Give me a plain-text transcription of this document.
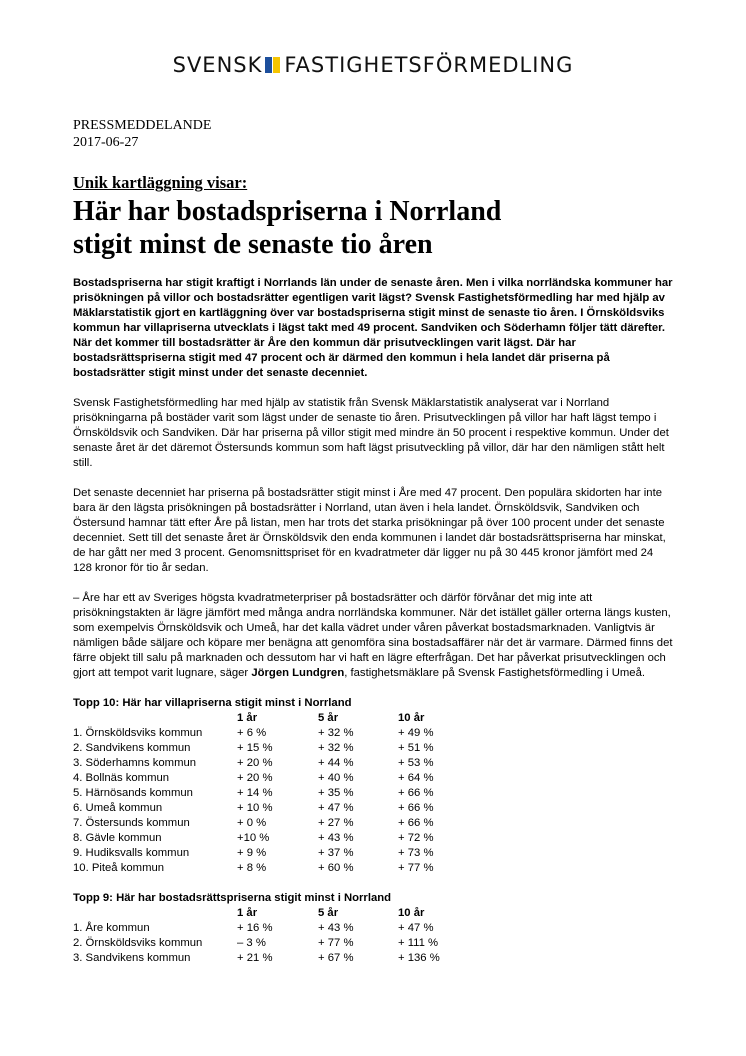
SVENSK FASTIGHETSFÖRMEDLING
PRESSMEDDELANDE
2017-06-27
Unik kartläggning visar:
Här har bostadspriserna i Norrland
stigit minst de senaste tio åren

Bostadspriserna har stigit kraftigt i Norrlands län under de senaste åren. Men i vilka norrländska kommuner har prisökningen på villor och bostadsrätter egentligen varit lägst? Svensk Fastighetsförmedling har med hjälp av Mäklarstatistik gjort en kartläggning över var bostadspriserna stigit minst de senaste tio åren. I Örnsköldsviks kommun har villapriserna utvecklats i lägst takt med 49 procent. Sandviken och Söderhamn följer tätt därefter. När det kommer till bostadsrätter är Åre den kommun där prisutvecklingen varit lägst. Där har bostadsrättspriserna stigit med 47 procent och är därmed den kommun i hela landet där priserna på bostadsrätter stigit minst under det senaste decenniet.

Svensk Fastighetsförmedling har med hjälp av statistik från Svensk Mäklarstatistik analyserat var i Norrland prisökningarna på bostäder varit som lägst under de senaste tio åren. Prisutvecklingen på villor har haft lägst tempo i Örnsköldsvik och Sandviken. Där har priserna på villor stigit med mindre än 50 procent i respektive kommun. Under det senaste året är det däremot Östersunds kommun som haft lägst prisutveckling på villor, där har den nämligen stått helt still.

Det senaste decenniet har priserna på bostadsrätter stigit minst i Åre med 47 procent. Den populära skidorten har inte bara är den lägsta prisökningen på bostadsrätter i Norrland, utan även i hela landet. Örnsköldsvik, Sandviken och Östersund hamnar tätt efter Åre på listan, men har trots det starka prisökningar på över 100 procent under det senaste decenniet. Sett till det senaste året är Örnsköldsvik den enda kommunen i landet där bostadsrättspriserna har minskat, de har gått ner med 3 procent. Genomsnittspriset för en kvadratmeter där ligger nu på 30 445 kronor jämfört med 24 128 kronor för tio år sedan.

– Åre har ett av Sveriges högsta kvadratmeterpriser på bostadsrätter och därför förvånar det mig inte att prisökningstakten är lägre jämfört med många andra norrländska kommuner. När det istället gäller orterna längs kusten, som exempelvis Örnsköldsvik och Umeå, har det kalla vädret under våren påverkat bostadsmarknaden. Vanligtvis är nämligen både säljare och köpare mer benägna att genomföra sina bostadsaffärer när det är varmare. Därmed finns det färre objekt till salu på marknaden och dessutom har vi haft en lägre efterfrågan. Det har påverkat prisutvecklingen och gjort att tempot varit lugnare, säger Jörgen Lundgren, fastighetsmäklare på Svensk Fastighetsförmedling i Umeå.

Topp 10: Här har villapriserna stigit minst i Norrland
	1 år	5 år	10 år
1. Örnsköldsviks kommun	+ 6 %	+ 32 %	+ 49 %
2. Sandvikens kommun	+ 15 %	+ 32 %	+ 51 %
3. Söderhamns kommun	+ 20 %	+ 44 %	+ 53 %
4. Bollnäs kommun	+ 20 %	+ 40 %	+ 64 %
5. Härnösands kommun	+ 14 %	+ 35 %	+ 66 %
6. Umeå kommun	+ 10 %	+ 47 %	+ 66 %
7. Östersunds kommun	+ 0 %	+ 27 %	+ 66 %
8. Gävle kommun	+10 %	+ 43 %	+ 72 %
9. Hudiksvalls kommun	+ 9 %	+ 37 %	+ 73 %
10. Piteå kommun	+ 8 %	+ 60 %	+ 77 %
Topp 9: Här har bostadsrättspriserna stigit minst i Norrland
	1 år	5 år	10 år
1. Åre kommun	+ 16 %	+ 43 %	+ 47 %
2. Örnsköldsviks kommun	– 3 %	+ 77 %	+ 111 %
3. Sandvikens kommun	+ 21 %	+ 67 %	+ 136 %
